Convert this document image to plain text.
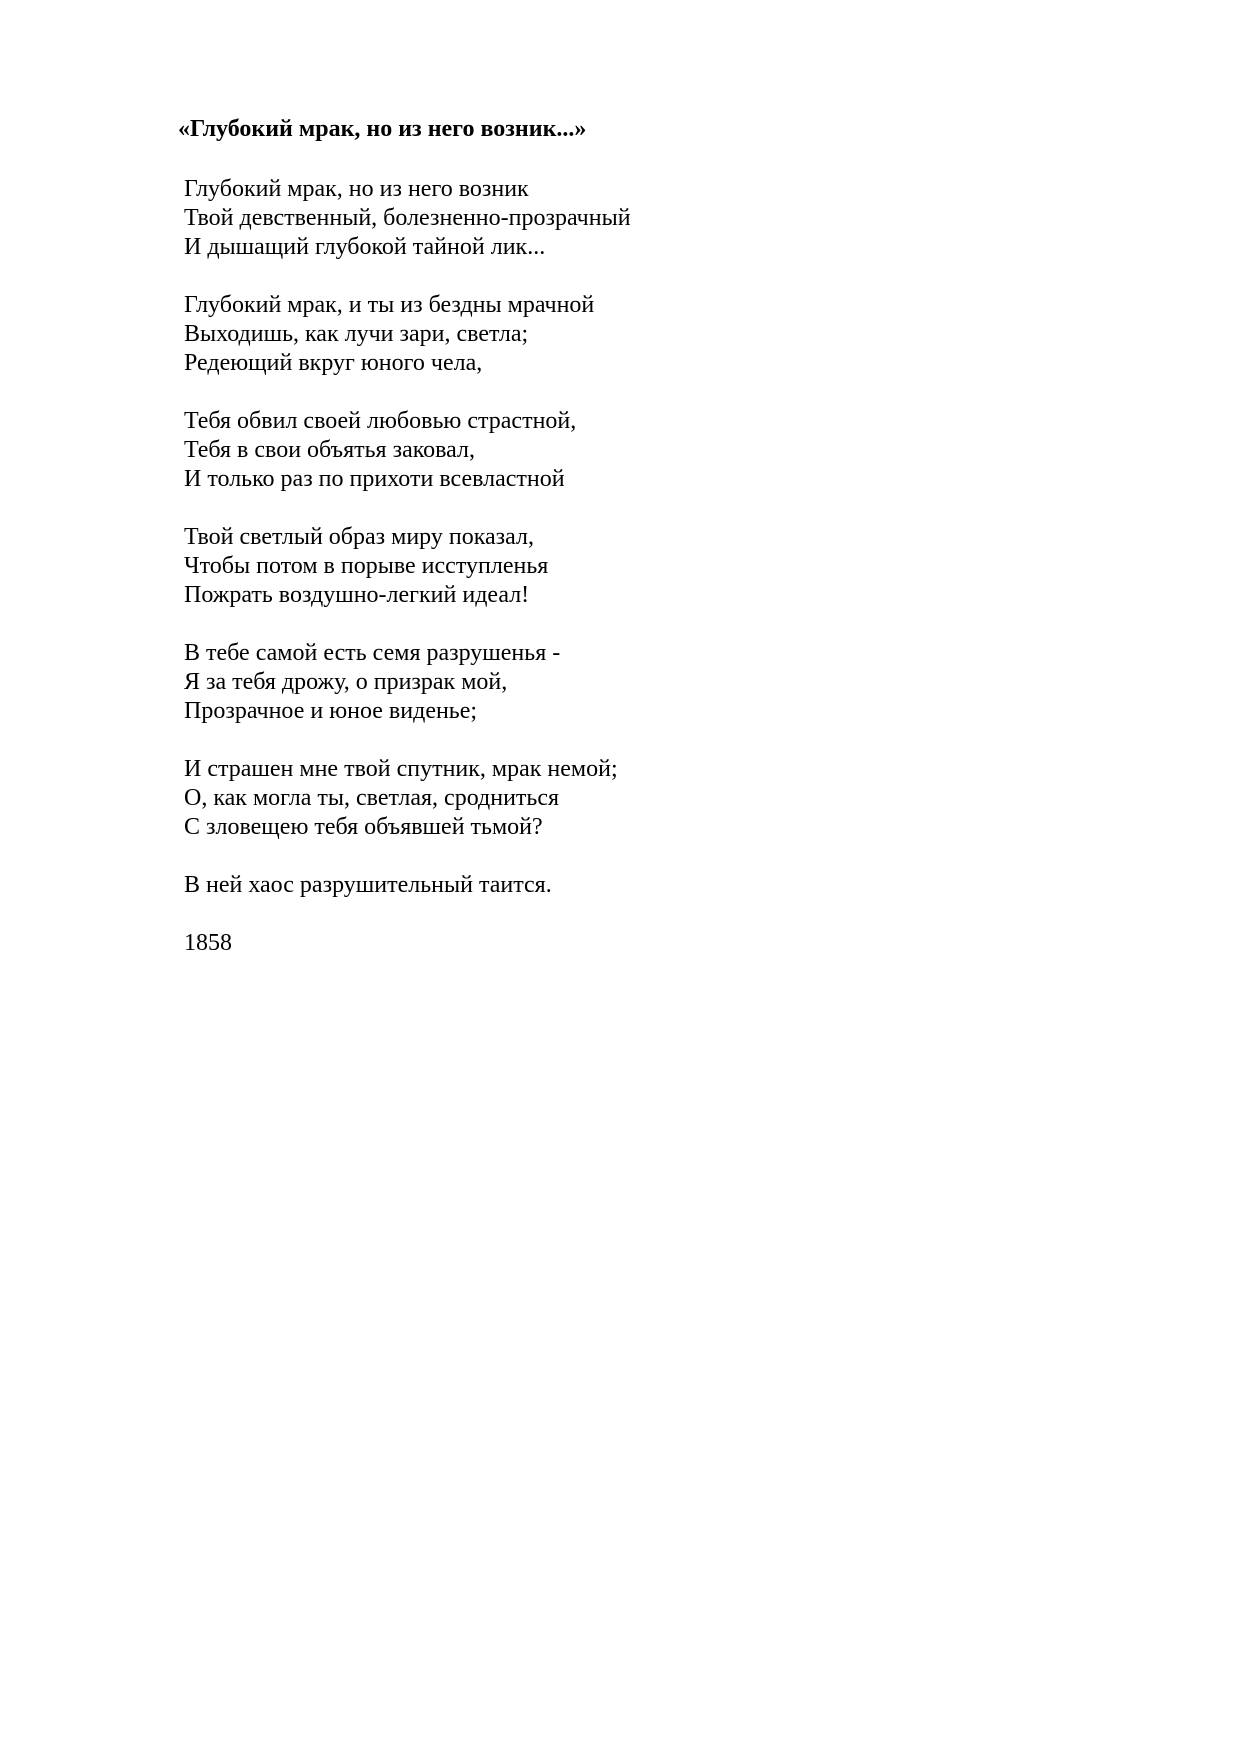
«Глубокий мрак, но из него возник...»
Глубокий мрак, но из него возник
Твой девственный, болезненно-прозрачный
И дышащий глубокой тайной лик...
Глубокий мрак, и ты из бездны мрачной
Выходишь, как лучи зари, светла;
Редеющий вкруг юного чела,
Тебя обвил своей любовью страстной,
Тебя в свои объятья заковал,
И только раз по прихоти всевластной
Твой светлый образ миру показал,
Чтобы потом в порыве исступленья
Пожрать воздушно-легкий идеал!
В тебе самой есть семя разрушенья -
Я за тебя дрожу, о призрак мой,
Прозрачное и юное виденье;
И страшен мне твой спутник, мрак немой;
О, как могла ты, светлая, сродниться
С зловещею тебя объявшей тьмой?
В ней хаос разрушительный таится.
1858
